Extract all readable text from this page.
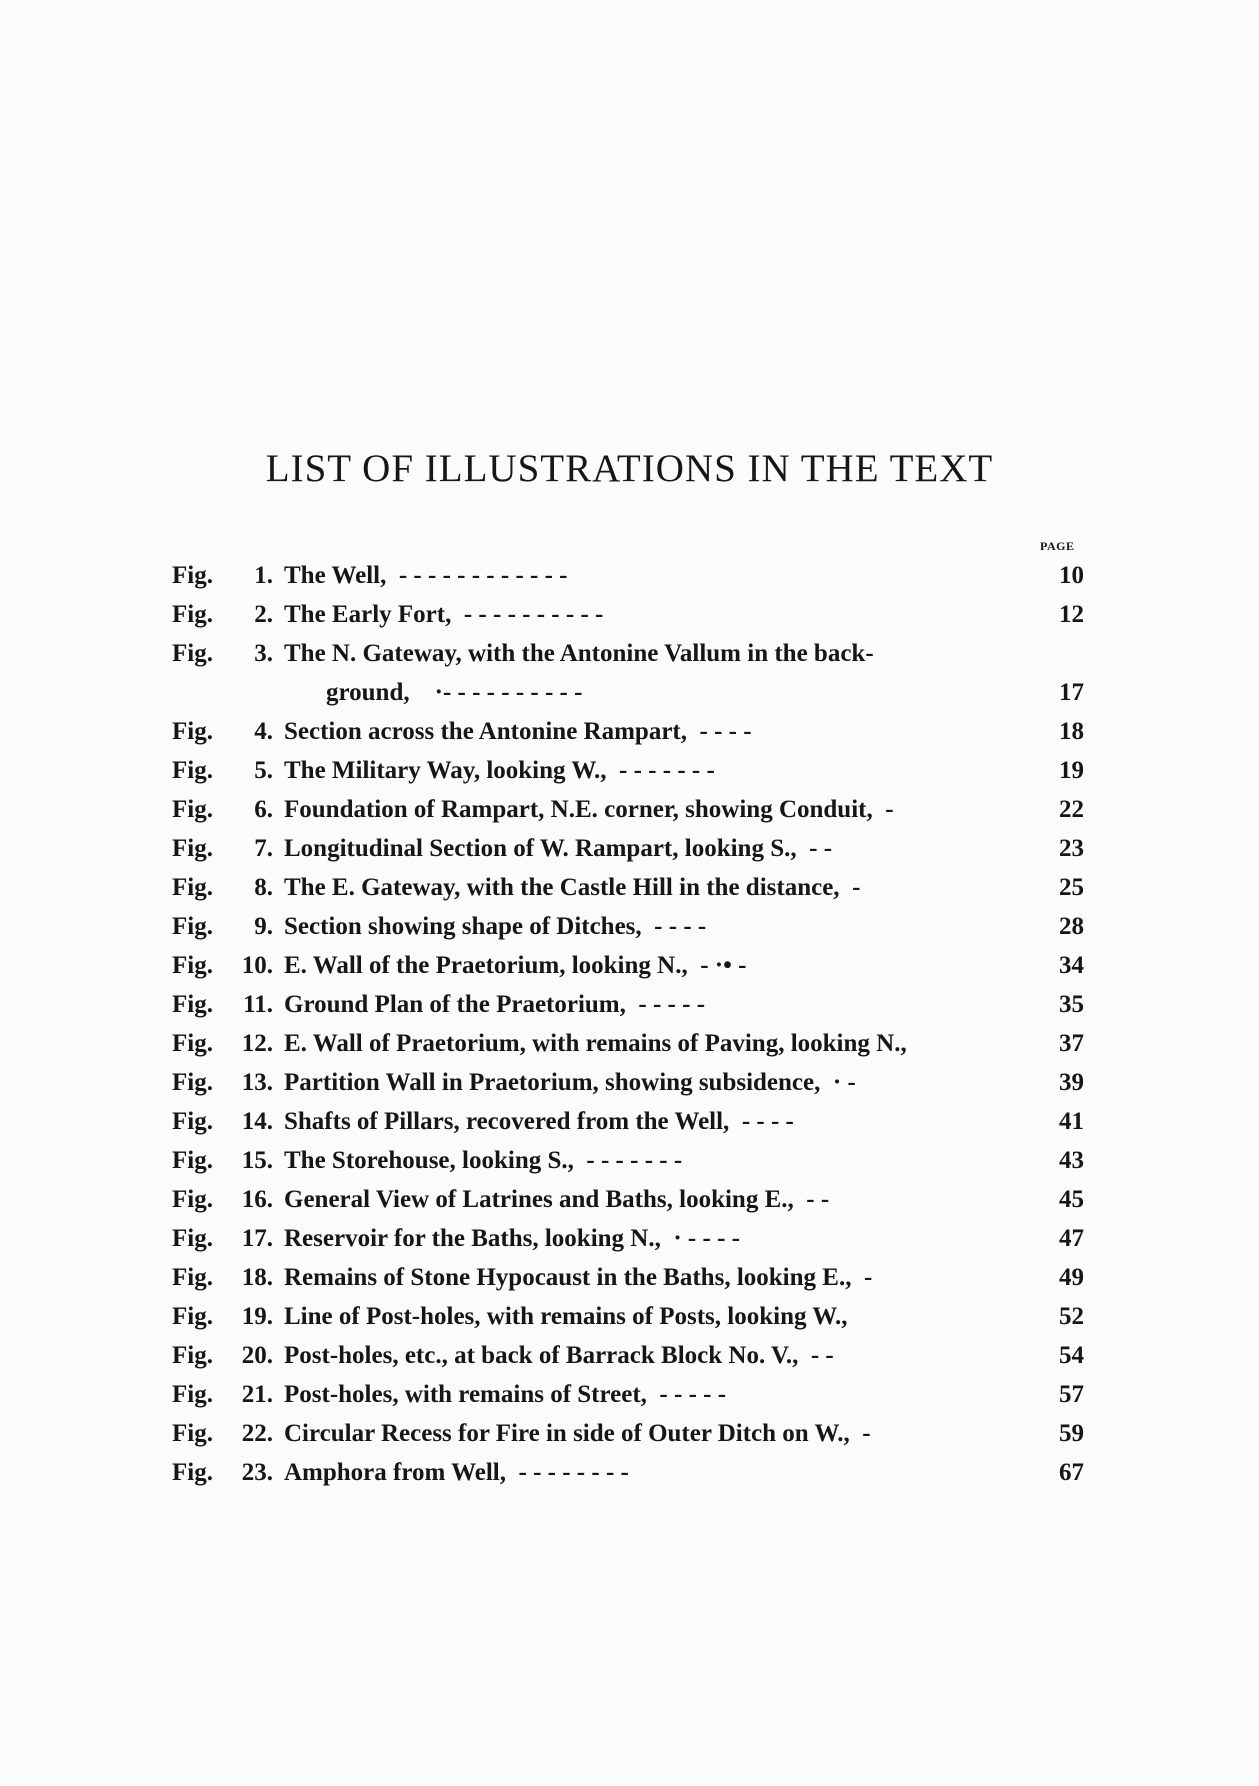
LIST OF ILLUSTRATIONS IN THE TEXT
PAGE
Fig.	1. The Well,  - - - - - - - - - - - -	10
Fig.	2. The Early Fort,  - - - - - - - - - -	12
Fig.	3. The N. Gateway, with the Antonine Vallum in the back-
ground,  ·- - - - - - - - - -	17
Fig.	4. Section across the Antonine Rampart,  - - - -	18
Fig.	5. The Military Way, looking W.,  - - - - - - -	19
Fig.	6. Foundation of Rampart, N.E. corner, showing Conduit,  -	22
Fig.	7. Longitudinal Section of W. Rampart, looking S.,  - -	23
Fig.	8. The E. Gateway, with the Castle Hill in the distance,  -	25
Fig.	9. Section showing shape of Ditches,  - - - -	28
Fig.	10. E. Wall of the Praetorium, looking N.,  - ·• -	34
Fig.	11. Ground Plan of the Praetorium,  - - - - -	35
Fig.	12. E. Wall of Praetorium, with remains of Paving, looking N., 	37
Fig.	13. Partition Wall in Praetorium, showing subsidence,  · -	39
Fig.	14. Shafts of Pillars, recovered from the Well,  - - - -	41
Fig.	15. The Storehouse, looking S.,  - - - - - - -	43
Fig.	16. General View of Latrines and Baths, looking E.,  - -	45
Fig.	17. Reservoir for the Baths, looking N.,  · - - - -	47
Fig.	18. Remains of Stone Hypocaust in the Baths, looking E.,  -	49
Fig.	19. Line of Post-holes, with remains of Posts, looking W., 	52
Fig.	20. Post-holes, etc., at back of Barrack Block No. V.,  - -	54
Fig.	21. Post-holes, with remains of Street,  - - - - -	57
Fig.	22. Circular Recess for Fire in side of Outer Ditch on W.,  -	59
Fig.	23. Amphora from Well,  - - - - - - - -	67
